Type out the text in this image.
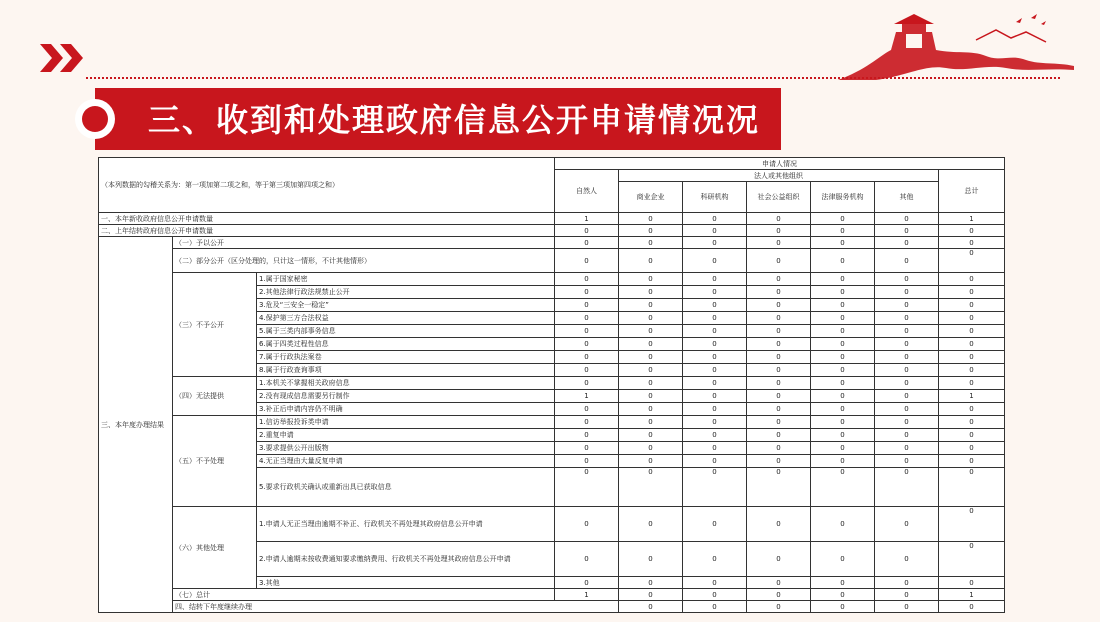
三、收到和处理政府信息公开申请情况况
（本列数据的勾稽关系为：第一项加第二项之和，等于第三项加第四项之和）			申请人情况							
			自然人	法人或其他组织					总计	
				商业企业	科研机构	社会公益组织	法律服务机构	其他		
一、本年新收政府信息公开申请数量			1	0	0	0	0	0	1	
二、上年结转政府信息公开申请数量			0	0	0	0	0	0	0	
三、本年度办理结果	（一）予以公开		0	0	0	0	0	0	0	
	（二）部分公开（区分处理的，只计这一情形，不计其他情形）		0	0	0	0	0	0	0	
	（三）不予公开	1.属于国家秘密	0	0	0	0	0	0	0	
		2.其他法律行政法规禁止公开	0	0	0	0	0	0	0	
		3.危及“三安全一稳定”	0	0	0	0	0	0	0	
		4.保护第三方合法权益	0	0	0	0	0	0	0	
		5.属于三类内部事务信息	0	0	0	0	0	0	0	
		6.属于四类过程性信息	0	0	0	0	0	0	0	
		7.属于行政执法案卷	0	0	0	0	0	0	0	
		8.属于行政查询事项	0	0	0	0	0	0	0	
	（四）无法提供	1.本机关不掌握相关政府信息	0	0	0	0	0	0	0	
		2.没有现成信息需要另行制作	1	0	0	0	0	0	1	
		3.补正后申请内容仍不明确	0	0	0	0	0	0	0	
	（五）不予处理	1.信访举报投诉类申请	0	0	0	0	0	0	0	
		2.重复申请	0	0	0	0	0	0	0	
		3.要求提供公开出版物	0	0	0	0	0	0	0	
		4.无正当理由大量反复申请	0	0	0	0	0	0	0	
		5.要求行政机关确认或重新出具已获取信息	0	0	0	0	0	0	0	
	（六）其他处理	1.申请人无正当理由逾期不补正、行政机关不再处理其政府信息公开申请	0	0	0	0	0	0	0	
		2.申请人逾期未按收费通知要求缴纳费用、行政机关不再处理其政府信息公开申请	0	0	0	0	0	0	0	
		3.其他	0	0	0	0	0	0	0	
	（七）总计		1	0	0	0	0	0	1	
	四、结转下年度继续办理			0	0	0	0	0	0	
